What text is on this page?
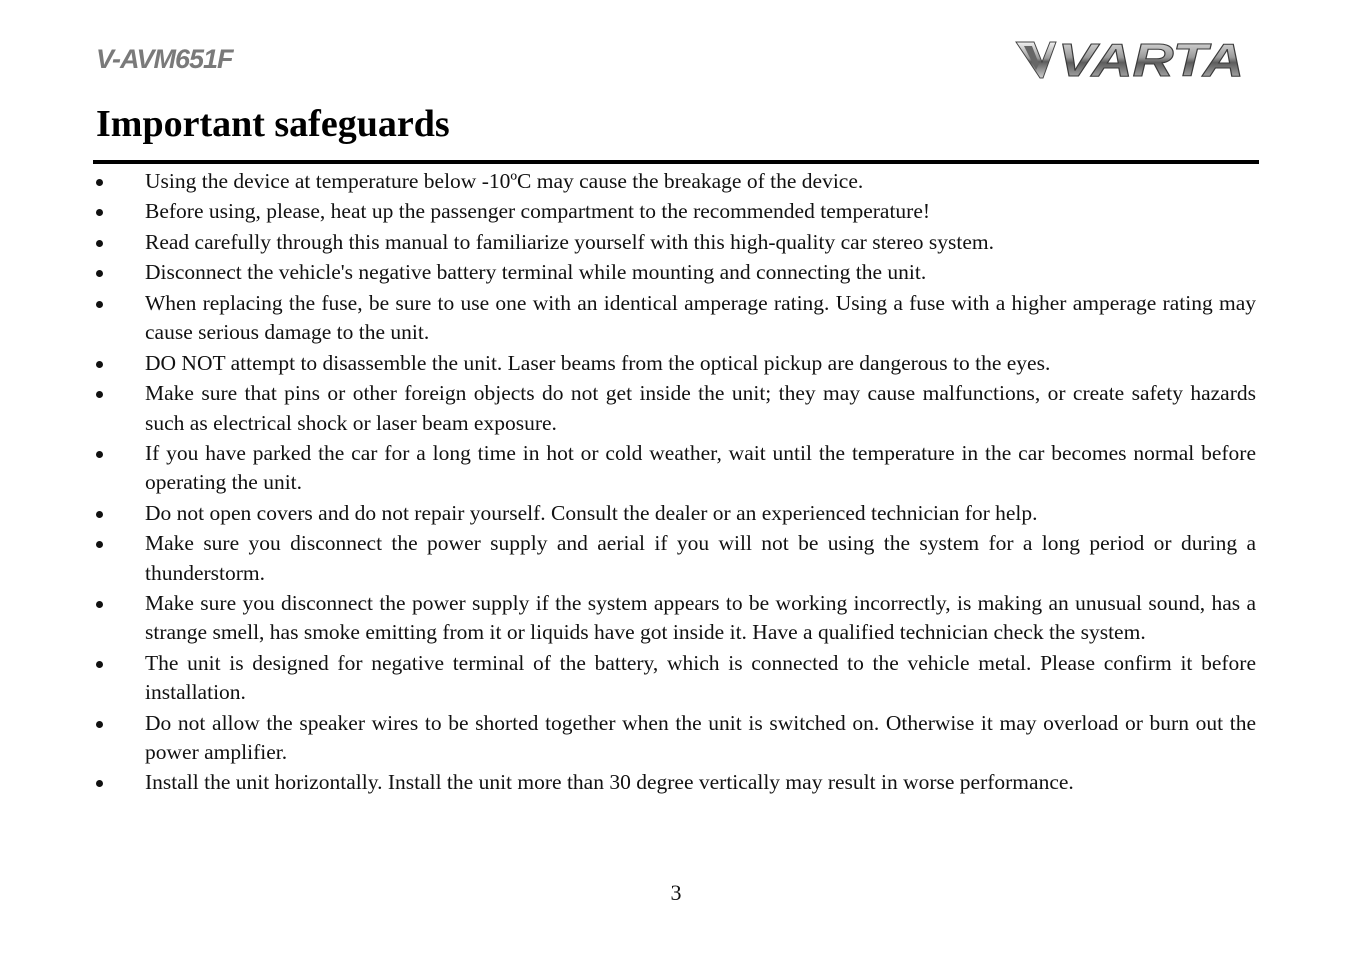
V-AVM651F	VARTA
Important safeguards
Using the device at temperature below -10ºC may cause the breakage of the device.
Before using, please, heat up the passenger compartment to the recommended temperature!
Read carefully through this manual to familiarize yourself with this high-quality car stereo system.
Disconnect the vehicle's negative battery terminal while mounting and connecting the unit.
When replacing the fuse, be sure to use one with an identical amperage rating. Using a fuse with a higher amperage rating may cause serious damage to the unit.
DO NOT attempt to disassemble the unit. Laser beams from the optical pickup are dangerous to the eyes.
Make sure that pins or other foreign objects do not get inside the unit; they may cause malfunctions, or create safety hazards such as electrical shock or laser beam exposure.
If you have parked the car for a long time in hot or cold weather, wait until the temperature in the car becomes normal before operating the unit.
Do not open covers and do not repair yourself. Consult the dealer or an experienced technician for help.
Make sure you disconnect the power supply and aerial if you will not be using the system for a long period or during a thunderstorm.
Make sure you disconnect the power supply if the system appears to be working incorrectly, is making an unusual sound, has a strange smell, has smoke emitting from it or liquids have got inside it. Have a qualified technician check the system.
The unit is designed for negative terminal of the battery, which is connected to the vehicle metal. Please confirm it before installation.
Do not allow the speaker wires to be shorted together when the unit is switched on. Otherwise it may overload or burn out the power amplifier.
Install the unit horizontally. Install the unit more than 30 degree vertically may result in worse performance.
3
